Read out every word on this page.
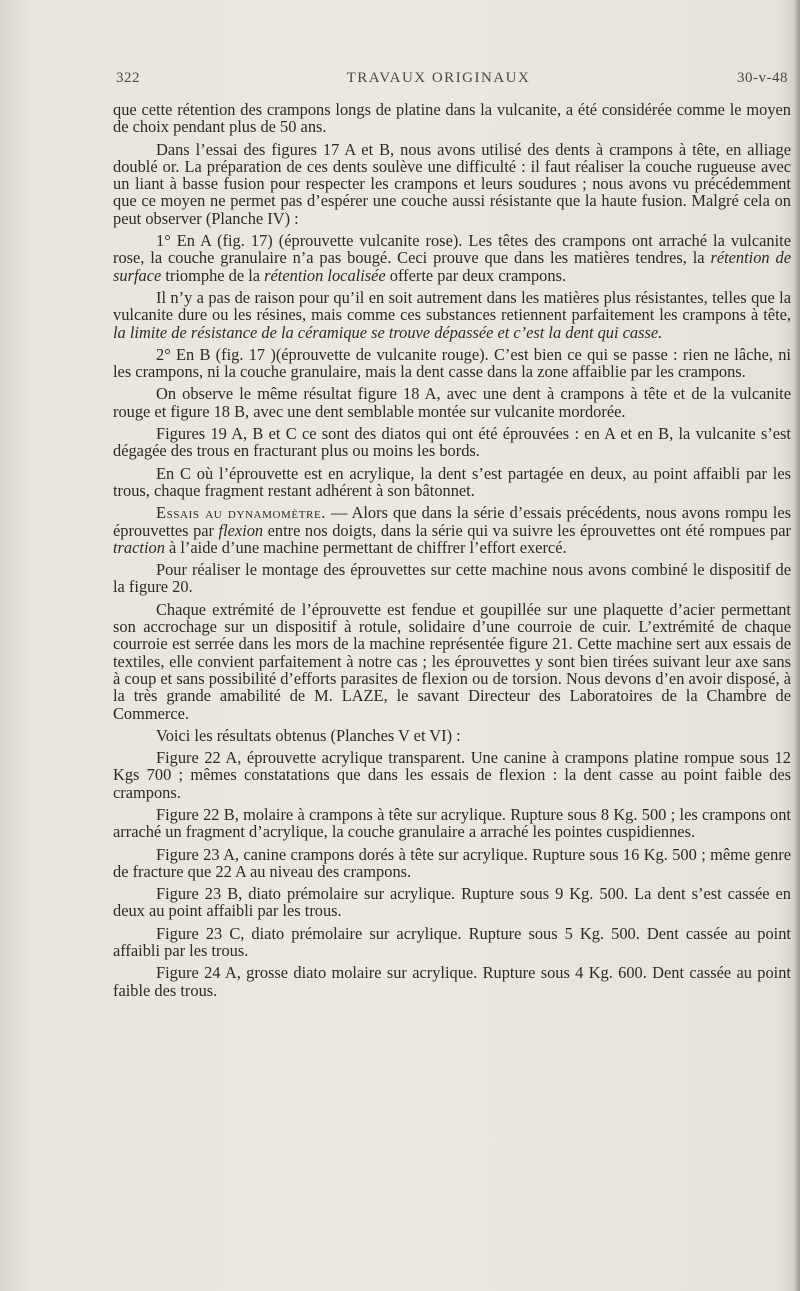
322	TRAVAUX ORIGINAUX	30-v-48

que cette rétention des crampons longs de platine dans la vulcanite, a été considérée comme le moyen de choix pendant plus de 50 ans.

Dans l’essai des figures 17 A et B, nous avons utilisé des dents à crampons à tête, en alliage doublé or. La préparation de ces dents soulève une difficulté : il faut réaliser la couche rugueuse avec un liant à basse fusion pour respecter les crampons et leurs soudures ; nous avons vu précédemment que ce moyen ne permet pas d’espérer une couche aussi résistante que la haute fusion. Malgré cela on peut observer (Planche IV) :

1° En A (fig. 17) (éprouvette vulcanite rose). Les têtes des crampons ont arraché la vulcanite rose, la couche granulaire n’a pas bougé. Ceci prouve que dans les matières tendres, la rétention de surface triomphe de la rétention localisée offerte par deux crampons.

Il n’y a pas de raison pour qu’il en soit autrement dans les matières plus résistantes, telles que la vulcanite dure ou les résines, mais comme ces substances retiennent parfaitement les crampons à tête, la limite de résistance de la céramique se trouve dépassée et c’est la dent qui casse.

2° En B (fig. 17 )(éprouvette de vulcanite rouge). C’est bien ce qui se passe : rien ne lâche, ni les crampons, ni la couche granulaire, mais la dent casse dans la zone affaiblie par les crampons.

On observe le même résultat figure 18 A, avec une dent à crampons à tête et de la vulcanite rouge et figure 18 B, avec une dent semblable montée sur vulcanite mordorée.

Figures 19 A, B et C ce sont des diatos qui ont été éprouvées : en A et en B, la vulcanite s’est dégagée des trous en fracturant plus ou moins les bords.

En C où l’éprouvette est en acrylique, la dent s’est partagée en deux, au point affaibli par les trous, chaque fragment restant adhérent à son bâtonnet.

Essais au dynamomètre. — Alors que dans la série d’essais précédents, nous avons rompu les éprouvettes par flexion entre nos doigts, dans la série qui va suivre les éprouvettes ont été rompues par traction à l’aide d’une machine permettant de chiffrer l’effort exercé.

Pour réaliser le montage des éprouvettes sur cette machine nous avons combiné le dispositif de la figure 20.

Chaque extrémité de l’éprouvette est fendue et goupillée sur une plaquette d’acier permettant son accrochage sur un dispositif à rotule, solidaire d’une courroie de cuir. L’extrémité de chaque courroie est serrée dans les mors de la machine représentée figure 21. Cette machine sert aux essais de textiles, elle convient parfaitement à notre cas ; les éprouvettes y sont bien tirées suivant leur axe sans à coup et sans possibilité d’efforts parasites de flexion ou de torsion. Nous devons d’en avoir disposé, à la très grande amabilité de M. LAZE, le savant Directeur des Laboratoires de la Chambre de Commerce.

Voici les résultats obtenus (Planches V et VI) :

Figure 22 A, éprouvette acrylique transparent. Une canine à crampons platine rompue sous 12 Kgs 700 ; mêmes constatations que dans les essais de flexion : la dent casse au point faible des crampons.

Figure 22 B, molaire à crampons à tête sur acrylique. Rupture sous 8 Kg. 500 ; les crampons ont arraché un fragment d’acrylique, la couche granulaire a arraché les pointes cuspidiennes.

Figure 23 A, canine crampons dorés à tête sur acrylique. Rupture sous 16 Kg. 500 ; même genre de fracture que 22 A au niveau des crampons.

Figure 23 B, diato prémolaire sur acrylique. Rupture sous 9 Kg. 500. La dent s’est cassée en deux au point affaibli par les trous.

Figure 23 C, diato prémolaire sur acrylique. Rupture sous 5 Kg. 500. Dent cassée au point affaibli par les trous.

Figure 24 A, grosse diato molaire sur acrylique. Rupture sous 4 Kg. 600. Dent cassée au point faible des trous.
